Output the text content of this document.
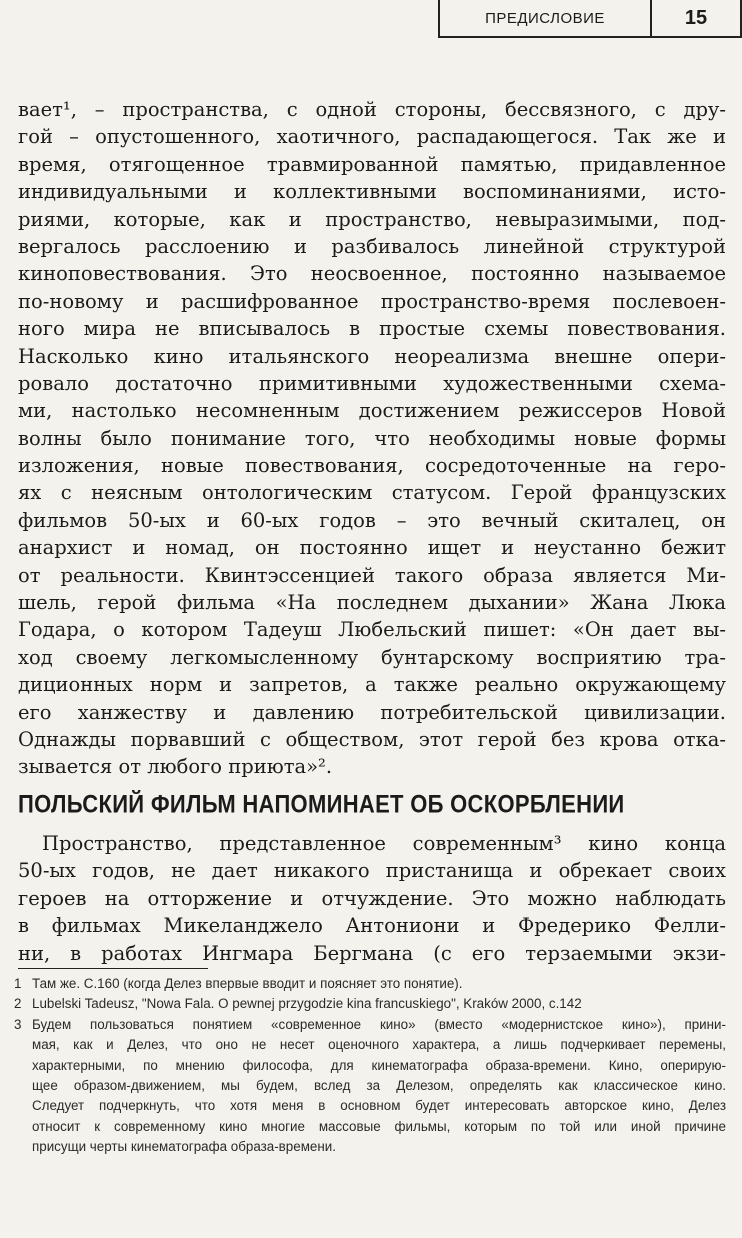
ПРЕДИСЛОВИЕ	15
вает¹, – пространства, с одной стороны, бессвязного, с дру-
гой – опустошенного, хаотичного, распадающегося. Так же и
время, отягощенное травмированной памятью, придавленное
индивидуальными и коллективными воспоминаниями, исто-
риями, которые, как и пространство, невыразимыми, под-
вергалось расслоению и разбивалось линейной структурой
киноповествования. Это неосвоенное, постоянно называемое
по-новому и расшифрованное пространство-время послевоен-
ного мира не вписывалось в простые схемы повествования.
Насколько кино итальянского неореализма внешне опери-
ровало достаточно примитивными художественными схема-
ми, настолько несомненным достижением режиссеров Новой
волны было понимание того, что необходимы новые формы
изложения, новые повествования, сосредоточенные на геро-
ях с неясным онтологическим статусом. Герой французских
фильмов 50-ых и 60-ых годов – это вечный скиталец, он
анархист и номад, он постоянно ищет и неустанно бежит
от реальности. Квинтэссенцией такого образа является Ми-
шель, герой фильма «На последнем дыхании» Жана Люка
Годара, о котором Тадеуш Любельский пишет: «Он дает вы-
ход своему легкомысленному бунтарскому восприятию тра-
диционных норм и запретов, а также реально окружающему
его ханжеству и давлению потребительской цивилизации.
Однажды порвавший с обществом, этот герой без крова отка-
зывается от любого приюта»².
ПОЛЬСКИЙ ФИЛЬМ НАПОМИНАЕТ ОБ ОСКОРБЛЕНИИ
Пространство, представленное современным³ кино конца
50-ых годов, не дает никакого пристанища и обрекает своих
героев на отторжение и отчуждение. Это можно наблюдать
в фильмах Микеланджело Антониони и Фредерико Фелли-
ни, в работах Ингмара Бергмана (с его терзаемыми экзи-
1 Там же. С.160 (когда Делез впервые вводит и поясняет это понятие).
2 Lubelski Tadeusz, "Nowa Fala. O pewnej przygodzie kina francuskiego", Kraków 2000, c.142
3 Будем пользоваться понятием «современное кино» (вместо «модернистское кино»), прини-
мая, как и Делез, что оно не несет оценочного характера, а лишь подчеркивает перемены,
характерными, по мнению философа, для кинематографа образа-времени. Кино, оперирую-
щее образом-движением, мы будем, вслед за Делезом, определять как классическое кино.
Следует подчеркнуть, что хотя меня в основном будет интересовать авторское кино, Делез
относит к современному кино многие массовые фильмы, которым по той или иной причине
присущи черты кинематографа образа-времени.
